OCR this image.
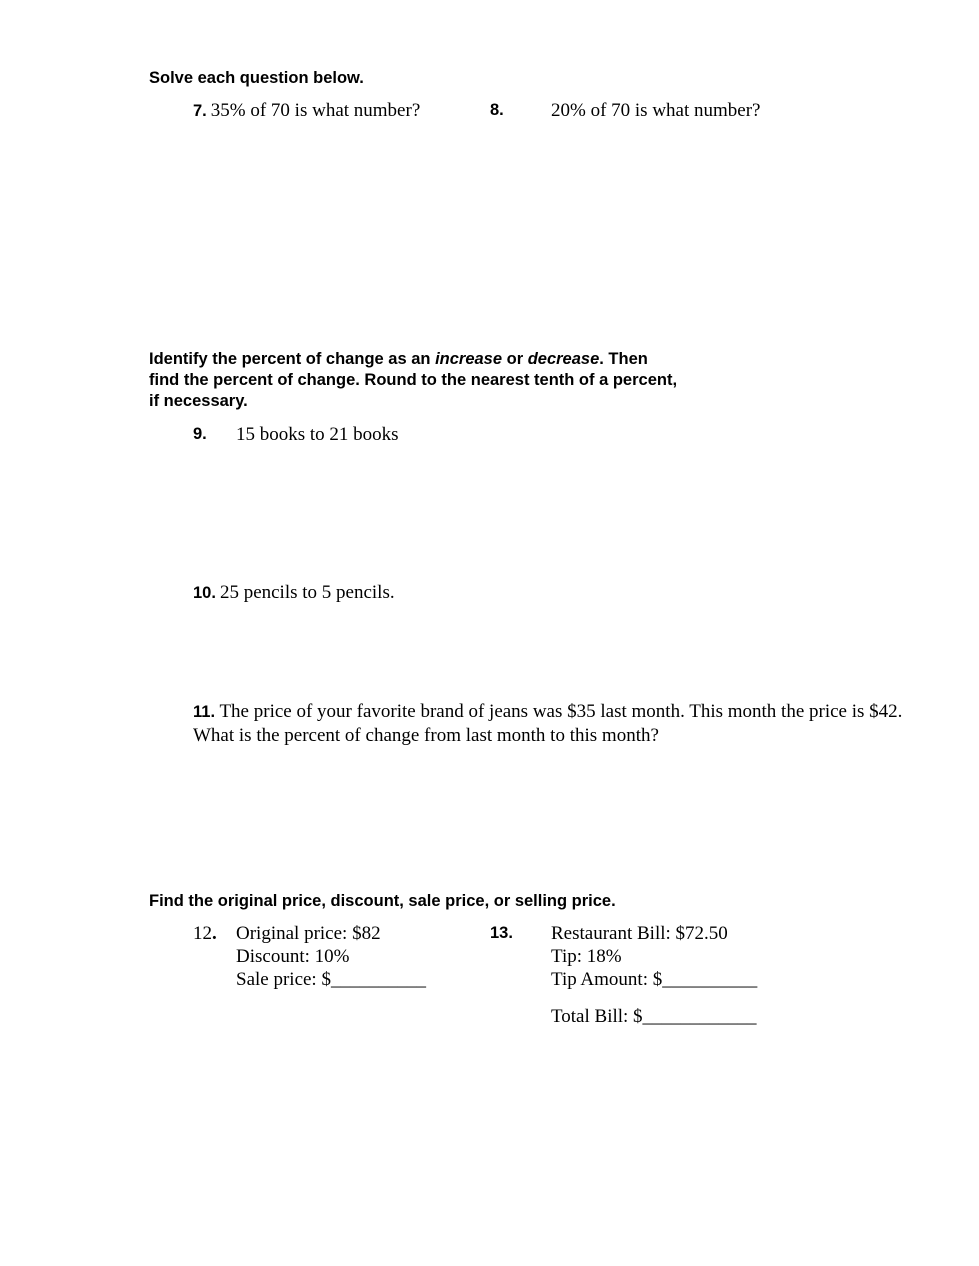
Solve each question below.
7. 35% of 70 is what number?	8. 20% of 70 is what number?
Identify the percent of change as an increase or decrease. Then
find the percent of change. Round to the nearest tenth of a percent,
if necessary.
9. 15 books to 21 books
10. 25 pencils to 5 pencils.
11. The price of your favorite brand of jeans was $35 last month. This month the price is $42.
What is the percent of change from last month to this month?
Find the original price, discount, sale price, or selling price.
12. Original price: $82
Discount: 10%
Sale price: $__________
13. Restaurant Bill: $72.50
Tip: 18%
Tip Amount: $__________
Total Bill: $____________
